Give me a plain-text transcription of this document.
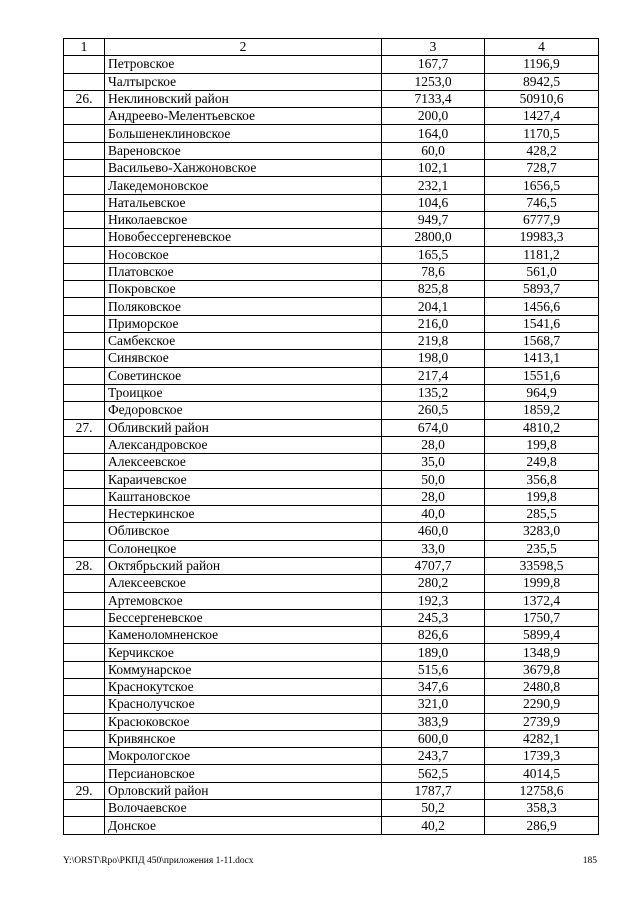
1	2	3	4
	Петровское	167,7	1196,9
	Чалтырское	1253,0	8942,5
26.	Неклиновский район	7133,4	50910,6
	Андреево-Мелентьевское	200,0	1427,4
	Большенеклиновское	164,0	1170,5
	Вареновское	60,0	428,2
	Васильево-Ханжоновское	102,1	728,7
	Лакедемоновское	232,1	1656,5
	Натальевское	104,6	746,5
	Николаевское	949,7	6777,9
	Новобессергеневское	2800,0	19983,3
	Носовское	165,5	1181,2
	Платовское	78,6	561,0
	Покровское	825,8	5893,7
	Поляковское	204,1	1456,6
	Приморское	216,0	1541,6
	Самбекское	219,8	1568,7
	Синявское	198,0	1413,1
	Советинское	217,4	1551,6
	Троицкое	135,2	964,9
	Федоровское	260,5	1859,2
27.	Обливский район	674,0	4810,2
	Александровское	28,0	199,8
	Алексеевское	35,0	249,8
	Караичевское	50,0	356,8
	Каштановское	28,0	199,8
	Нестеркинское	40,0	285,5
	Обливское	460,0	3283,0
	Солонецкое	33,0	235,5
28.	Октябрьский район	4707,7	33598,5
	Алексеевское	280,2	1999,8
	Артемовское	192,3	1372,4
	Бессергеневское	245,3	1750,7
	Каменоломненское	826,6	5899,4
	Керчикское	189,0	1348,9
	Коммунарское	515,6	3679,8
	Краснокутское	347,6	2480,8
	Краснолучское	321,0	2290,9
	Красюковское	383,9	2739,9
	Кривянское	600,0	4282,1
	Мокрологское	243,7	1739,3
	Персиановское	562,5	4014,5
29.	Орловский район	1787,7	12758,6
	Волочаевское	50,2	358,3
	Донское	40,2	286,9
Y:\ORST\Rpo\РКПД 450\приложения 1-11.docx	185
